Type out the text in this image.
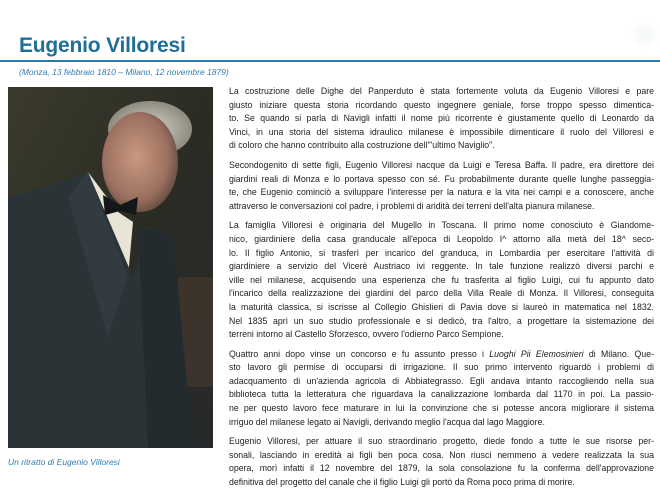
Eugenio Villoresi
(Monza, 13 febbraio 1810 – Milano, 12 novembre 1879)
Un ritratto di Eugenio Villoresi
La costruzione delle Dighe del Panperduto è stata fortemente voluta da Eugenio Villoresi e pare
giusto iniziare questa storia ricordando questo ingegnere geniale, forse troppo spesso dimentica-
to. Se quando si parla di Navigli infatti il nome più ricorrente è giustamente quello di Leonardo da
Vinci, in una storia del sistema idraulico milanese è impossibile dimenticare il ruolo del Villoresi e
di coloro che hanno contribuito alla costruzione dell'"ultimo Naviglio".
Secondogenito di sette figli, Eugenio Villoresi nacque da Luigi e Teresa Baffa. Il padre, era direttore dei
giardini reali di Monza e lo portava spesso con sé. Fu probabilmente durante quelle lunghe passeggia-
te, che Eugenio cominciò a sviluppare l'interesse per la natura e la vita nei campi e a conoscere, anche
attraverso le conversazioni col padre, i problemi di aridità dei terreni dell'alta pianura milanese.
La famiglia Villoresi è originaria del Mugello in Toscana. Il primo nome conosciuto è Giandome-
nico, giardiniere della casa granducale all'epoca di Leopoldo I^ attorno alla metà del 18^ seco-
lo. Il figlio Antonio, si trasferì per incarico del granduca, in Lombardia per esercitare l'attività di
giardiniere a servizio del Vicerè Austriaco ivi reggente. In tale funzione realizzò diversi parchi e
ville nel milanese, acquisendo una esperienza che fu trasferita al figlio Luigi, cui fu appunto dato
l'incarico della realizzazione dei giardini del parco della Villa Reale di Monza. Il Villoresi, conseguita
la maturità classica, si iscrisse al Collegio Ghislieri di Pavia dove si laureò in matematica nel 1832.
Nel 1835 aprì un suo studio professionale e si dedicò, tra l'altro, a progettare la sistemazione dei
terreni intorno al Castello Sforzesco, ovvero l'odierno Parco Sempione.
Quattro anni dopo vinse un concorso e fu assunto presso i Luoghi Pii Elemosinieri di Milano. Que-
sto lavoro gli permise di occuparsi di irrigazione. Il suo primo intervento riguardò i problemi di
adacquamento di un'azienda agricola di Abbiategrasso. Egli andava intanto raccogliendo nella sua
biblioteca tutta la letteratura che riguardava la canalizzazione lombarda dal 1170 in poi. La passio-
ne per questo lavoro fece maturare in lui la convinzione che si potesse ancora migliorare il sistema
irriguo del milanese legato ai Navigli, derivando meglio l'acqua dal lago Maggiore.
Eugenio Villoresi, per attuare il suo straordinario progetto, diede fondo a tutte le sue risorse per-
sonali, lasciando in eredità ai figli ben poca cosa. Non riuscì nemmeno a vedere realizzata la sua
opera, morì infatti il 12 novembre del 1879, la sola consolazione fu la conferma dell'approvazione
definitiva del progetto del canale che il figlio Luigi gli portò da Roma poco prima di morire.
